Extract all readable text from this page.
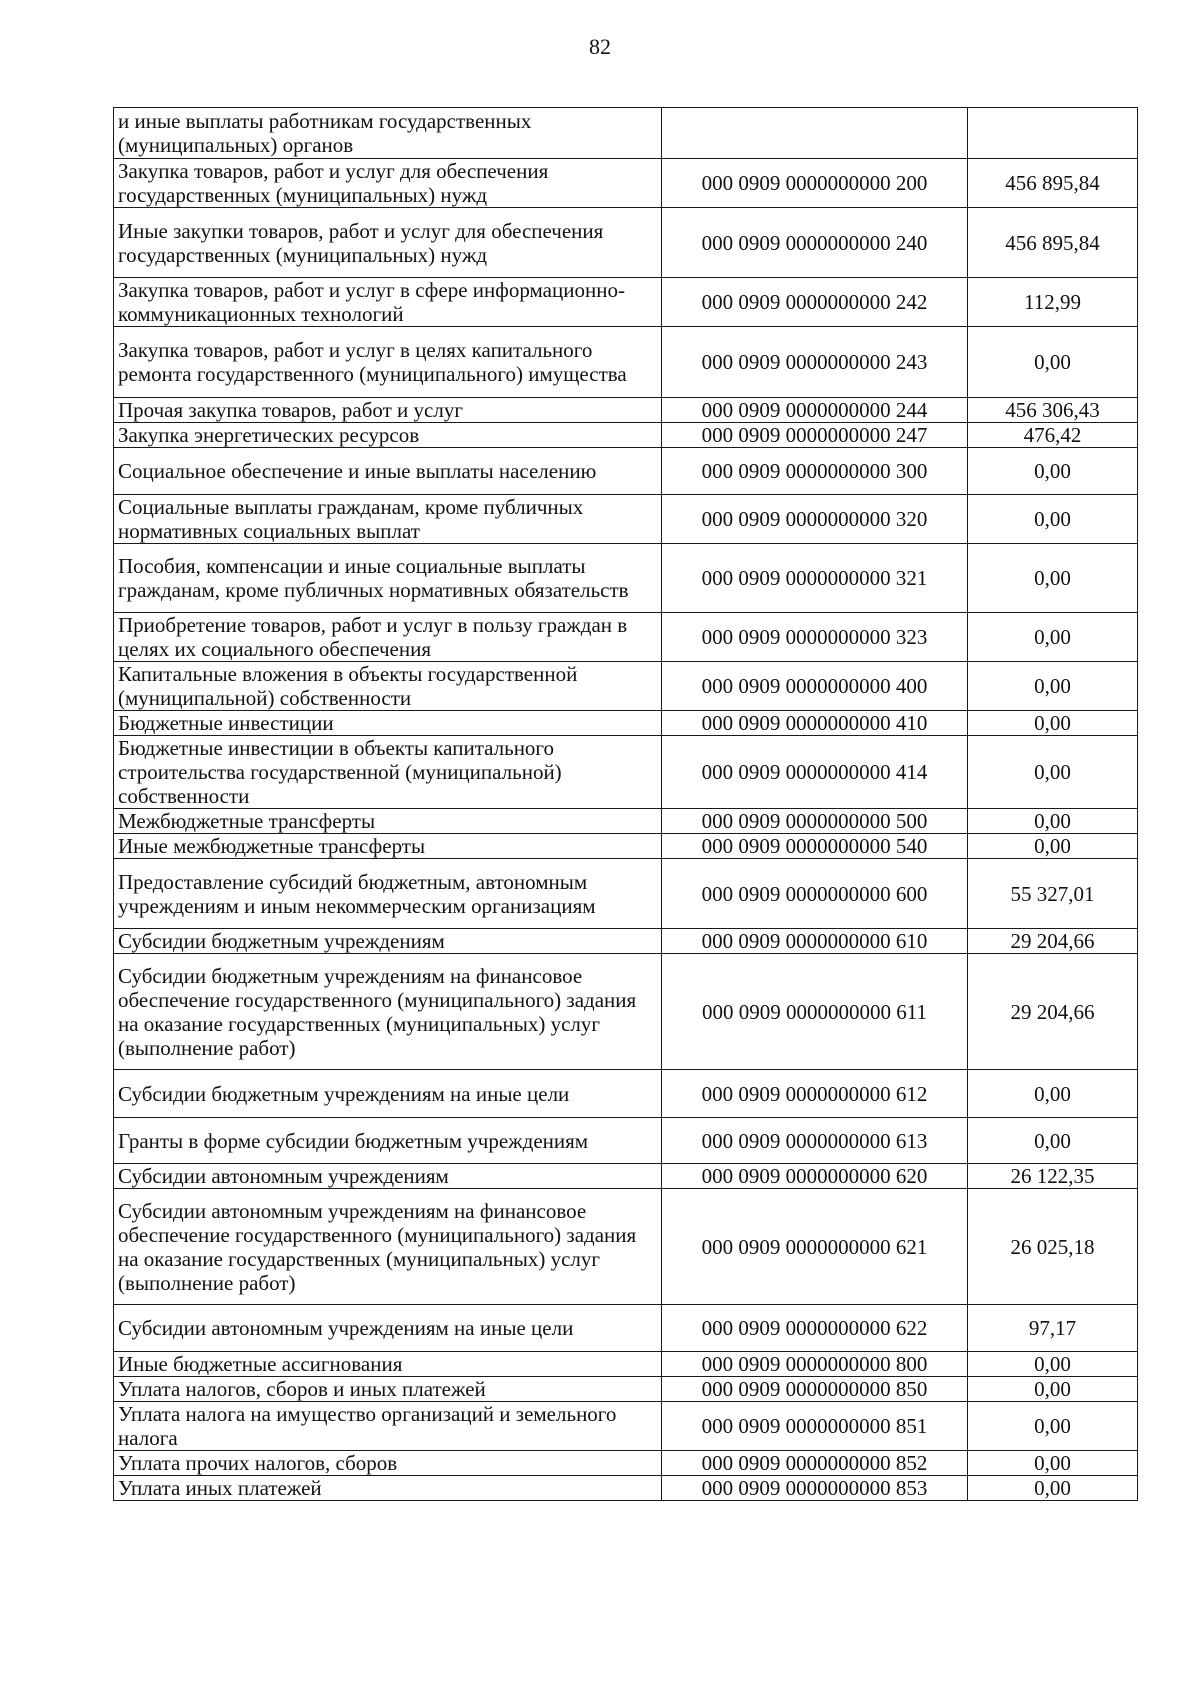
82
и иные выплаты работникам государственных (муниципальных) органов		
Закупка товаров, работ и услуг для обеспечения государственных (муниципальных) нужд	000 0909 0000000000 200	456 895,84
Иные закупки товаров, работ и услуг для обеспечения государственных (муниципальных) нужд	000 0909 0000000000 240	456 895,84
Закупка товаров, работ и услуг в сфере информационно-коммуникационных технологий	000 0909 0000000000 242	112,99
Закупка товаров, работ и услуг в целях капитального ремонта государственного (муниципального) имущества	000 0909 0000000000 243	0,00
Прочая закупка товаров, работ и услуг	000 0909 0000000000 244	456 306,43
Закупка энергетических ресурсов	000 0909 0000000000 247	476,42
Социальное обеспечение и иные выплаты населению	000 0909 0000000000 300	0,00
Социальные выплаты гражданам, кроме публичных нормативных социальных выплат	000 0909 0000000000 320	0,00
Пособия, компенсации и иные социальные выплаты гражданам, кроме публичных нормативных обязательств	000 0909 0000000000 321	0,00
Приобретение товаров, работ и услуг в пользу граждан в целях их социального обеспечения	000 0909 0000000000 323	0,00
Капитальные вложения в объекты государственной (муниципальной) собственности	000 0909 0000000000 400	0,00
Бюджетные инвестиции	000 0909 0000000000 410	0,00
Бюджетные инвестиции в объекты капитального строительства государственной (муниципальной) собственности	000 0909 0000000000 414	0,00
Межбюджетные трансферты	000 0909 0000000000 500	0,00
Иные межбюджетные трансферты	000 0909 0000000000 540	0,00
Предоставление субсидий бюджетным, автономным учреждениям и иным некоммерческим организациям	000 0909 0000000000 600	55 327,01
Субсидии бюджетным учреждениям	000 0909 0000000000 610	29 204,66
Субсидии бюджетным учреждениям на финансовое обеспечение государственного (муниципального) задания на оказание государственных (муниципальных) услуг (выполнение работ)	000 0909 0000000000 611	29 204,66
Субсидии бюджетным учреждениям на иные цели	000 0909 0000000000 612	0,00
Гранты в форме субсидии бюджетным учреждениям	000 0909 0000000000 613	0,00
Субсидии автономным учреждениям	000 0909 0000000000 620	26 122,35
Субсидии автономным учреждениям на финансовое обеспечение государственного (муниципального) задания на оказание государственных (муниципальных) услуг (выполнение работ)	000 0909 0000000000 621	26 025,18
Субсидии автономным учреждениям на иные цели	000 0909 0000000000 622	97,17
Иные бюджетные ассигнования	000 0909 0000000000 800	0,00
Уплата налогов, сборов и иных платежей	000 0909 0000000000 850	0,00
Уплата налога на имущество организаций и земельного налога	000 0909 0000000000 851	0,00
Уплата прочих налогов, сборов	000 0909 0000000000 852	0,00
Уплата иных платежей	000 0909 0000000000 853	0,00
